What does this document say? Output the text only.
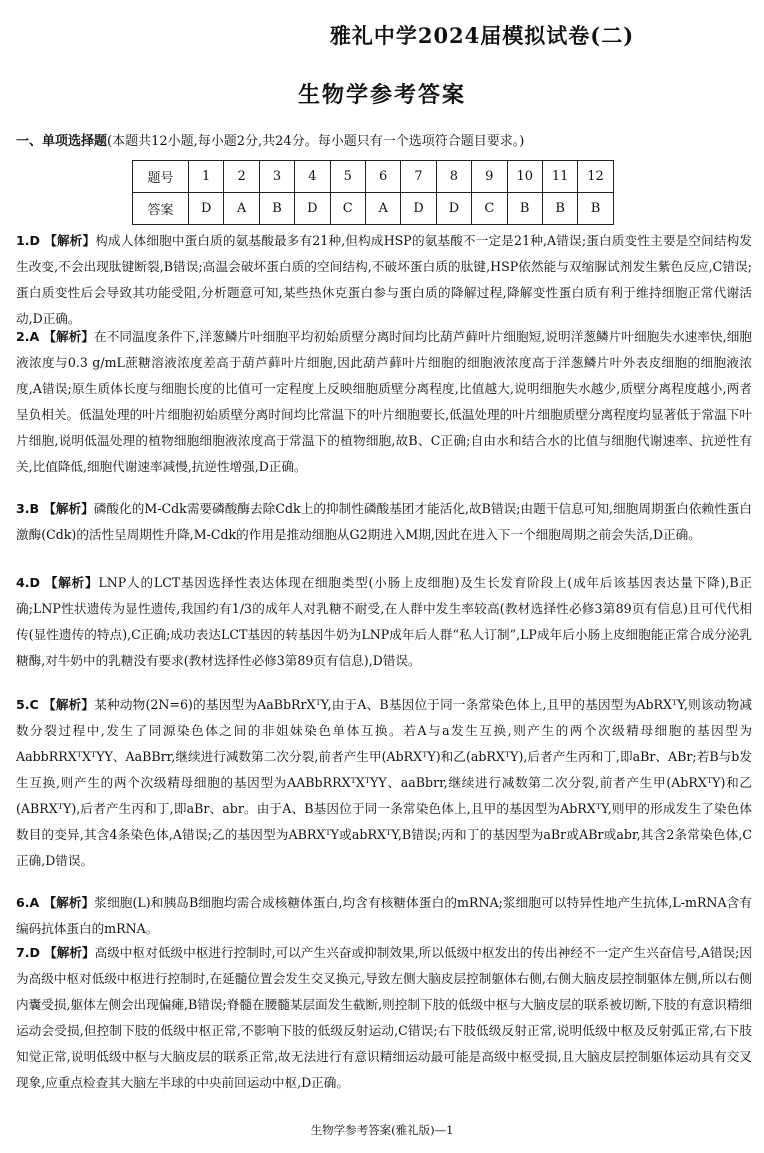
雅礼中学2024届模拟试卷(二)
生物学参考答案
一、单项选择题(本题共12小题,每小题2分,共24分。每小题只有一个选项符合题目要求。)
题号	1	2	3	4	5	6	7	8	9	10	11	12
答案	D	A	B	D	C	A	D	D	C	B	B	B
1.D 【解析】构成人体细胞中蛋白质的氨基酸最多有21种,但构成HSP的氨基酸不一定是21种,A错误;蛋白质变性主要是空间结构发生改变,不会出现肽键断裂,B错误;高温会破坏蛋白质的空间结构,不破坏蛋白质的肽键,HSP依然能与双缩脲试剂发生紫色反应,C错误;蛋白质变性后会导致其功能受阻,分析题意可知,某些热休克蛋白参与蛋白质的降解过程,降解变性蛋白质有利于维持细胞正常代谢活动,D正确。
2.A 【解析】在不同温度条件下,洋葱鳞片叶细胞平均初始质壁分离时间均比葫芦藓叶片细胞短,说明洋葱鳞片叶细胞失水速率快,细胞液浓度与0.3 g/mL蔗糖溶液浓度差高于葫芦藓叶片细胞,因此葫芦藓叶片细胞的细胞液浓度高于洋葱鳞片叶外表皮细胞的细胞液浓度,A错误;原生质体长度与细胞长度的比值可一定程度上反映细胞质壁分离程度,比值越大,说明细胞失水越少,质壁分离程度越小,两者呈负相关。低温处理的叶片细胞初始质壁分离时间均比常温下的叶片细胞要长,低温处理的叶片细胞质壁分离程度均显著低于常温下叶片细胞,说明低温处理的植物细胞细胞液浓度高于常温下的植物细胞,故B、C正确;自由水和结合水的比值与细胞代谢速率、抗逆性有关,比值降低,细胞代谢速率减慢,抗逆性增强,D正确。
3.B 【解析】磷酸化的M-Cdk需要磷酸酶去除Cdk上的抑制性磷酸基团才能活化,故B错误;由题干信息可知,细胞周期蛋白依赖性蛋白激酶(Cdk)的活性呈周期性升降,M-Cdk的作用是推动细胞从G2期进入M期,因此在进入下一个细胞周期之前会失活,D正确。
4.D 【解析】LNP人的LCT基因选择性表达体现在细胞类型(小肠上皮细胞)及生长发育阶段上(成年后该基因表达量下降),B正确;LNP性状遗传为显性遗传,我国约有1/3的成年人对乳糖不耐受,在人群中发生率较高(教材选择性必修3第89页有信息)且可代代相传(显性遗传的特点),C正确;成功表达LCT基因的转基因牛奶为LNP成年后人群“私人订制”,LP成年后小肠上皮细胞能正常合成分泌乳糖酶,对牛奶中的乳糖没有要求(教材选择性必修3第89页有信息),D错误。
5.C 【解析】某种动物(2N=6)的基因型为AaBbRrXᵀY,由于A、B基因位于同一条常染色体上,且甲的基因型为AbRXᵀY,则该动物减数分裂过程中,发生了同源染色体之间的非姐妹染色单体互换。若A与a发生互换,则产生的两个次级精母细胞的基因型为AabbRRXᵀXᵀYY、AaBBrr,继续进行减数第二次分裂,前者产生甲(AbRXᵀY)和乙(abRXᵀY),后者产生丙和丁,即aBr、ABr;若B与b发生互换,则产生的两个次级精母细胞的基因型为AABbRRXᵀXᵀYY、aaBbrr,继续进行减数第二次分裂,前者产生甲(AbRXᵀY)和乙(ABRXᵀY),后者产生丙和丁,即aBr、abr。由于A、B基因位于同一条常染色体上,且甲的基因型为AbRXᵀY,则甲的形成发生了染色体数目的变异,其含4条染色体,A错误;乙的基因型为ABRXᵀY或abRXᵀY,B错误;丙和丁的基因型为aBr或ABr或abr,其含2条常染色体,C正确,D错误。
6.A 【解析】浆细胞(L)和胰岛B细胞均需合成核糖体蛋白,均含有核糖体蛋白的mRNA;浆细胞可以特异性地产生抗体,L-mRNA含有编码抗体蛋白的mRNA。
7.D 【解析】高级中枢对低级中枢进行控制时,可以产生兴奋或抑制效果,所以低级中枢发出的传出神经不一定产生兴奋信号,A错误;因为高级中枢对低级中枢进行控制时,在延髓位置会发生交叉换元,导致左侧大脑皮层控制躯体右侧,右侧大脑皮层控制躯体左侧,所以右侧内囊受损,躯体左侧会出现偏瘫,B错误;脊髓在腰髓某层面发生截断,则控制下肢的低级中枢与大脑皮层的联系被切断,下肢的有意识精细运动会受损,但控制下肢的低级中枢正常,不影响下肢的低级反射运动,C错误;右下肢低级反射正常,说明低级中枢及反射弧正常,右下肢知觉正常,说明低级中枢与大脑皮层的联系正常,故无法进行有意识精细运动最可能是高级中枢受损,且大脑皮层控制躯体运动具有交叉现象,应重点检查其大脑左半球的中央前回运动中枢,D正确。
生物学参考答案(雅礼版)—1
